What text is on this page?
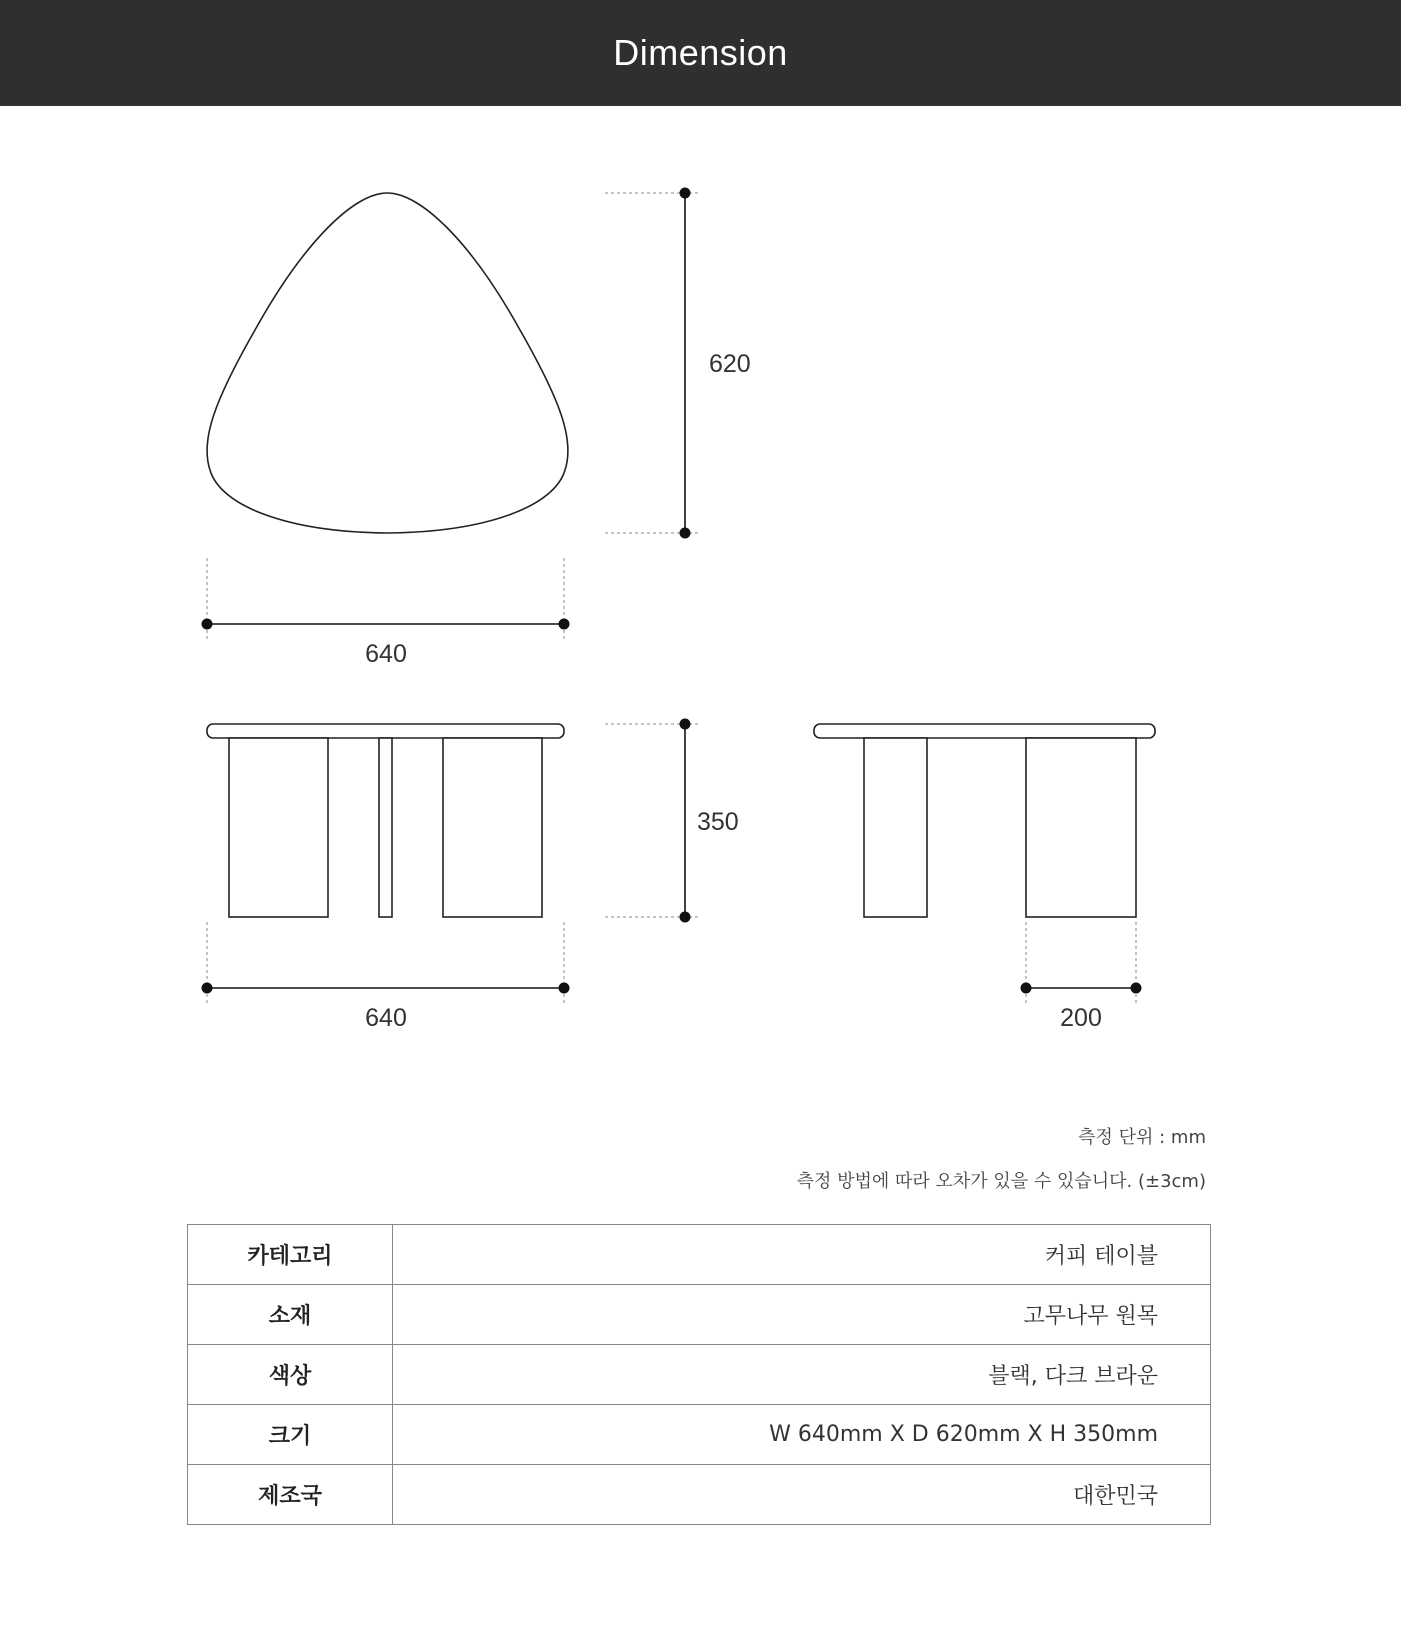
Dimension
620
640
350
640	200
측정 단위 : mm
측정 방법에 따라 오차가 있을 수 있습니다. (±3cm)
카테고리	커피 테이블
소재	고무나무 원목
색상	블랙, 다크 브라운
크기	W 640mm X D 620mm X H 350mm
제조국	대한민국
